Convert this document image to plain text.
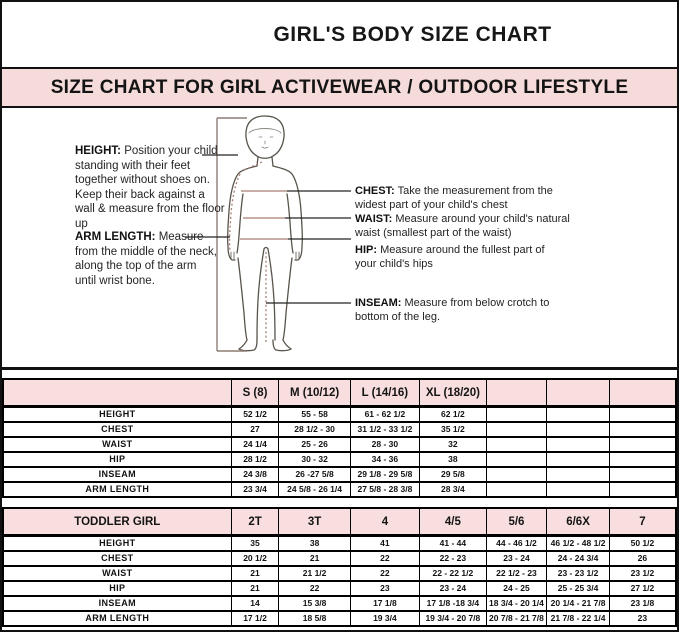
GIRL'S BODY SIZE CHART
SIZE CHART FOR GIRL ACTIVEWEAR / OUTDOOR LIFESTYLE
HEIGHT: Position your child standing with their feet together without shoes on. Keep their back against a wall & measure from the floor up
ARM LENGTH: Measure from the middle of the neck, along the top of the arm until wrist bone.
CHEST: Take the measurement from the widest part of your child's chest
WAIST: Measure around your child's natural waist (smallest part of the waist)
HIP: Measure around the fullest part of your child's hips
INSEAM: Measure from below crotch to bottom of the leg.
	S (8)	M (10/12)	L (14/16)	XL (18/20)			
HEIGHT	52 1/2	55 - 58	61 - 62 1/2	62 1/2			
CHEST	27	28 1/2 - 30	31 1/2 - 33 1/2	35 1/2			
WAIST	24 1/4	25 - 26	28 - 30	32			
HIP	28 1/2	30 - 32	34 - 36	38			
INSEAM	24 3/8	26 -27 5/8	29 1/8 - 29 5/8	29 5/8			
ARM LENGTH	23 3/4	24 5/8 - 26 1/4	27 5/8 - 28 3/8	28 3/4			
TODDLER GIRL	2T	3T	4	4/5	5/6	6/6X	7
HEIGHT	35	38	41	41 - 44	44 - 46 1/2	46 1/2 - 48 1/2	50 1/2
CHEST	20 1/2	21	22	22 - 23	23 - 24	24 - 24 3/4	26
WAIST	21	21 1/2	22	22 - 22 1/2	22 1/2 - 23	23 - 23 1/2	23 1/2
HIP	21	22	23	23 - 24	24 - 25	25 - 25 3/4	27 1/2
INSEAM	14	15 3/8	17 1/8	17 1/8 -18 3/4	18 3/4 - 20 1/4	20 1/4 - 21 7/8	23 1/8
ARM LENGTH	17 1/2	18 5/8	19 3/4	19 3/4 - 20 7/8	20 7/8 - 21 7/8	21 7/8 - 22 1/4	23
